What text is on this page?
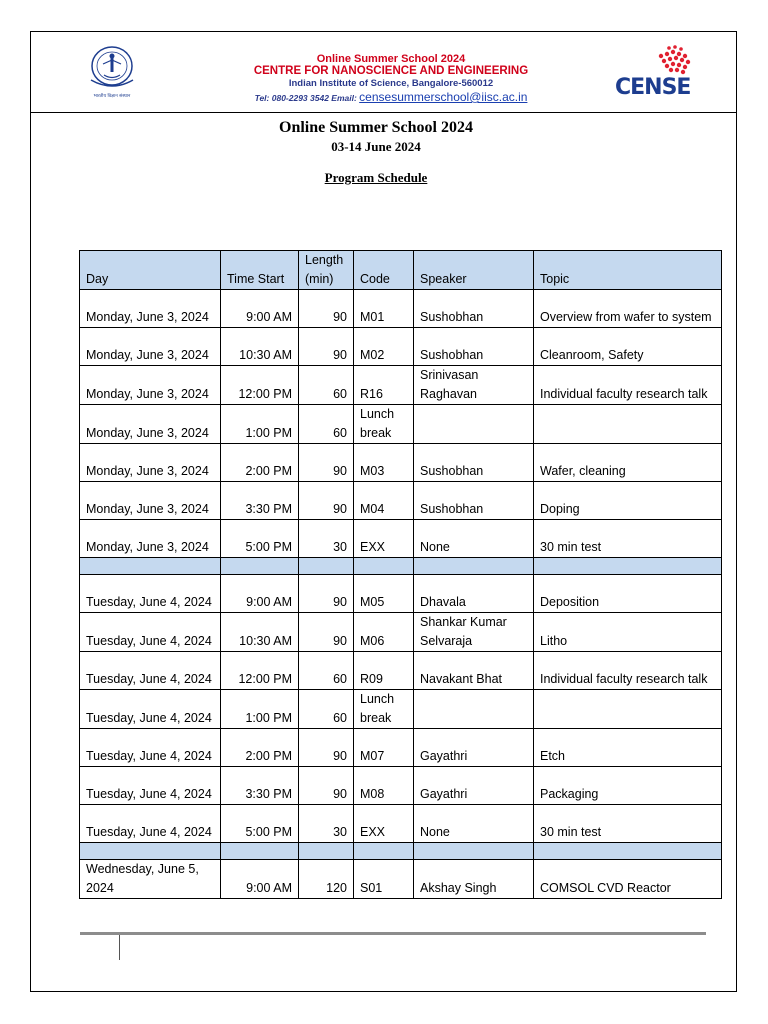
भारतीय विज्ञान संस्थान
Online Summer School 2024
CENTRE FOR NANOSCIENCE AND ENGINEERING
Indian Institute of Science, Bangalore-560012
Tel: 080-2293 3542 Email: censesummerschool@iisc.ac.in	CENSE
Online Summer School 2024
03-14 June 2024
Program Schedule
Day	Time Start	Length (min)	Code	Speaker	Topic
Monday, June 3, 2024	9:00 AM	90	M01	Sushobhan	Overview from wafer to system
Monday, June 3, 2024	10:30 AM	90	M02	Sushobhan	Cleanroom, Safety
Monday, June 3, 2024	12:00 PM	60	R16	Srinivasan Raghavan	Individual faculty research talk
Monday, June 3, 2024	1:00 PM	60	Lunch break		
Monday, June 3, 2024	2:00 PM	90	M03	Sushobhan	Wafer, cleaning
Monday, June 3, 2024	3:30 PM	90	M04	Sushobhan	Doping
Monday, June 3, 2024	5:00 PM	30	EXX	None	30 min test

Tuesday, June 4, 2024	9:00 AM	90	M05	Dhavala	Deposition
Tuesday, June 4, 2024	10:30 AM	90	M06	Shankar Kumar Selvaraja	Litho
Tuesday, June 4, 2024	12:00 PM	60	R09	Navakant Bhat	Individual faculty research talk
Tuesday, June 4, 2024	1:00 PM	60	Lunch break		
Tuesday, June 4, 2024	2:00 PM	90	M07	Gayathri	Etch
Tuesday, June 4, 2024	3:30 PM	90	M08	Gayathri	Packaging
Tuesday, June 4, 2024	5:00 PM	30	EXX	None	30 min test

Wednesday, June 5, 2024	9:00 AM	120	S01	Akshay Singh	COMSOL CVD Reactor
